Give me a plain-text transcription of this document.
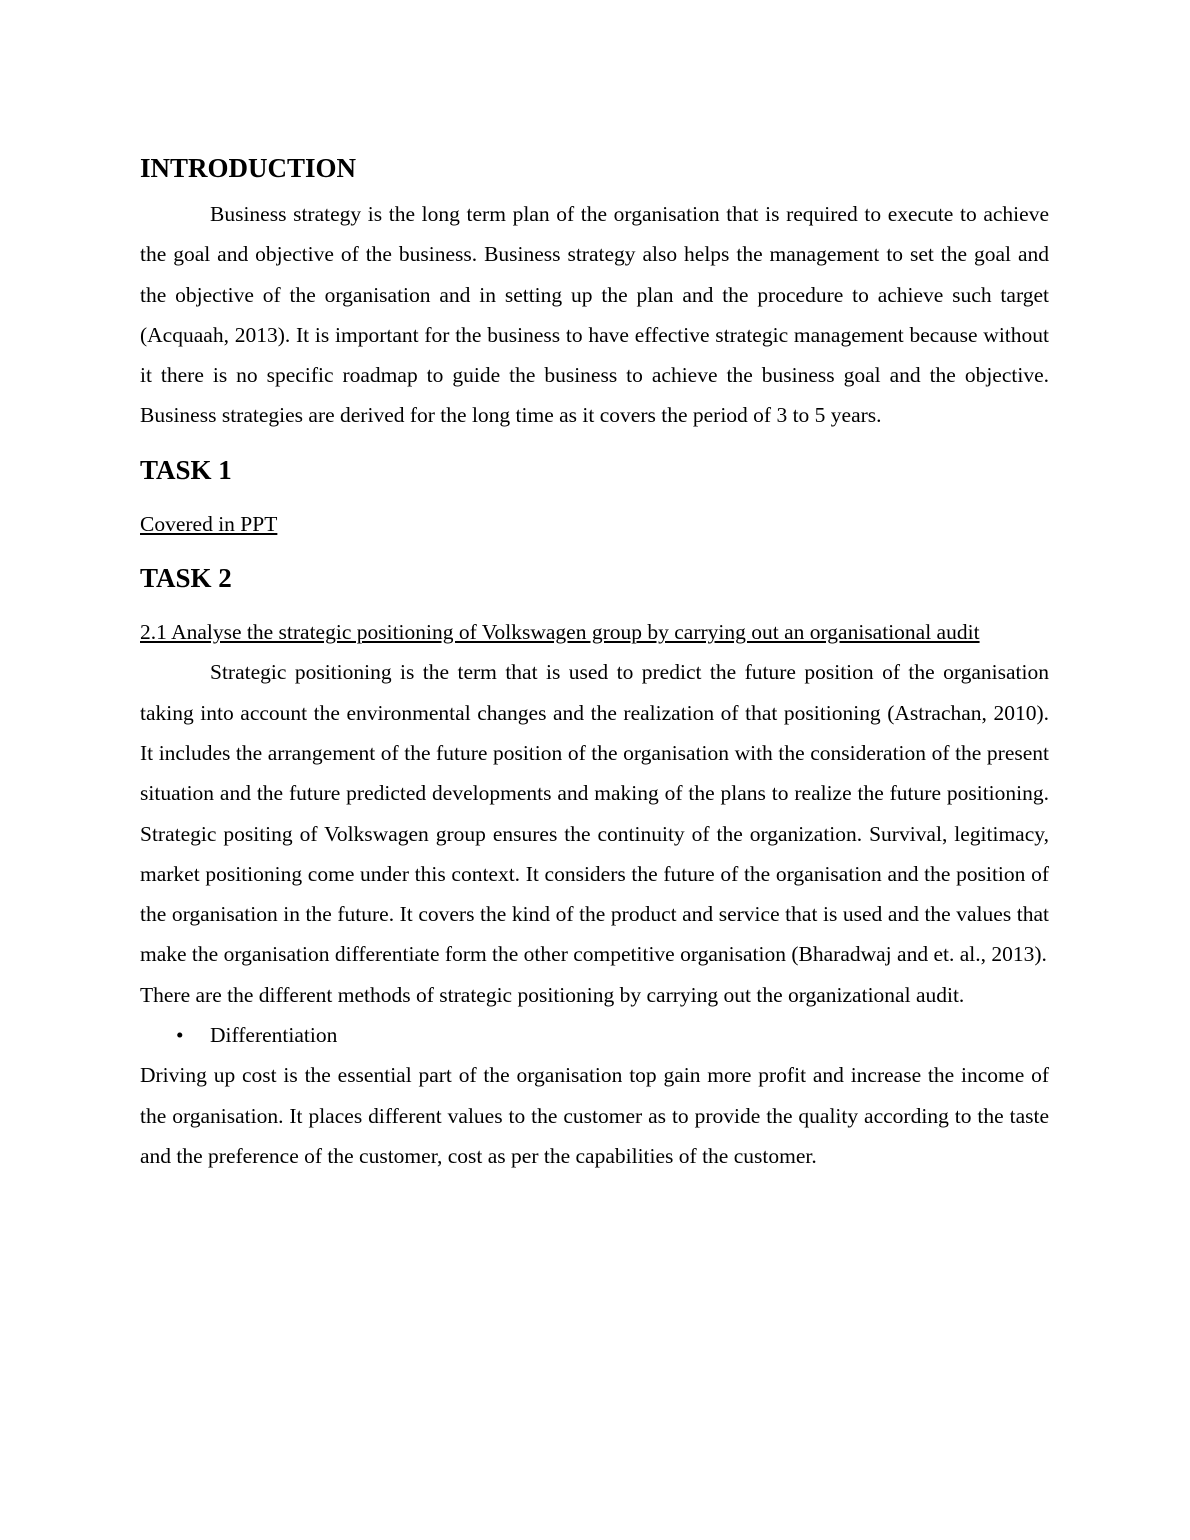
INTRODUCTION

Business strategy is the long term plan of the organisation that is required to execute to achieve the goal and objective of the business. Business strategy also helps the management to set the goal and the objective of the organisation and in setting up the plan and the procedure to achieve such target (Acquaah, 2013). It is important for the business to have effective strategic management because without it there is no specific roadmap to guide the business to achieve the business goal and the objective. Business strategies are derived for the long time as it covers the period of 3 to 5 years.

TASK 1

Covered in PPT

TASK 2

2.1 Analyse the strategic positioning of Volkswagen group by carrying out an organisational audit

Strategic positioning is the term that is used to predict the future position of the organisation taking into account the environmental changes and the realization of that positioning (Astrachan, 2010). It includes the arrangement of the future position of the organisation with the consideration of the present situation and the future predicted developments and making of the plans to realize the future positioning. Strategic positing of Volkswagen group ensures the continuity of the organization. Survival, legitimacy, market positioning come under this context. It considers the future of the organisation and the position of the organisation in the future. It covers the kind of the product and service that is used and the values that make the organisation differentiate form the other competitive organisation (Bharadwaj and et. al., 2013).

There are the different methods of strategic positioning by carrying out the organizational audit.

• Differentiation

Driving up cost is the essential part of the organisation top gain more profit and increase the income of the organisation. It places different values to the customer as to provide the quality according to the taste and the preference of the customer, cost as per the capabilities of the customer.
